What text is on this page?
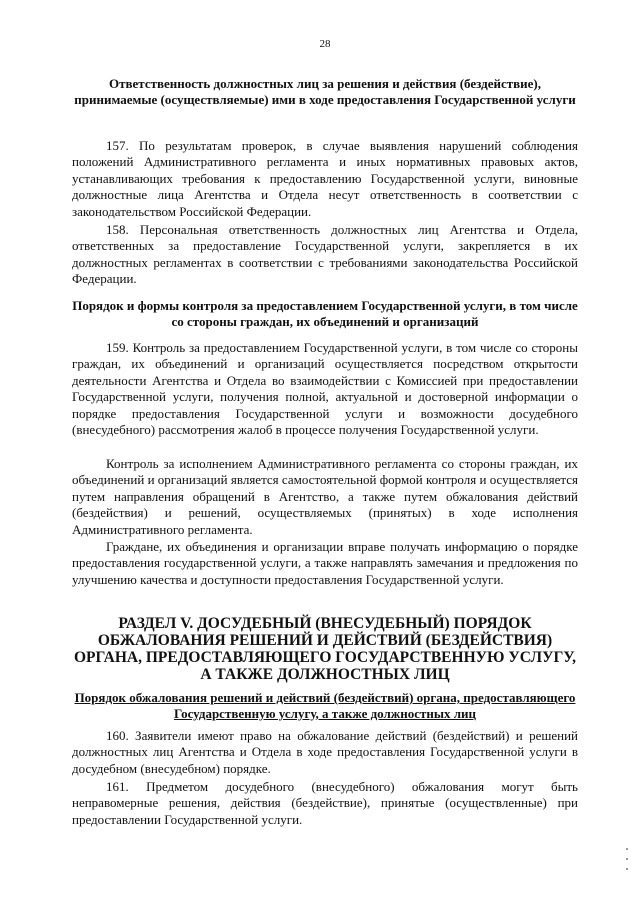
28
Ответственность должностных лиц за решения и действия (бездействие), принимаемые (осуществляемые) ими в ходе предоставления Государственной услуги

157. По результатам проверок, в случае выявления нарушений соблюдения положений Административного регламента и иных нормативных правовых актов, устанавливающих требования к предоставлению Государственной услуги, виновные должностные лица Агентства и Отдела несут ответственность в соответствии с законодательством Российской Федерации.

158. Персональная ответственность должностных лиц Агентства и Отдела, ответственных за предоставление Государственной услуги, закрепляется в их должностных регламентах в соответствии с требованиями законодательства Российской Федерации.

Порядок и формы контроля за предоставлением Государственной услуги, в том числе со стороны граждан, их объединений и организаций

159. Контроль за предоставлением Государственной услуги, в том числе со стороны граждан, их объединений и организаций осуществляется посредством открытости деятельности Агентства и Отдела во взаимодействии с Комиссией при предоставлении Государственной услуги, получения полной, актуальной и достоверной информации о порядке предоставления Государственной услуги и возможности досудебного (внесудебного) рассмотрения жалоб в процессе получения Государственной услуги.

Контроль за исполнением Административного регламента со стороны граждан, их объединений и организаций является самостоятельной формой контроля и осуществляется путем направления обращений в Агентство, а также путем обжалования действий (бездействия) и решений, осуществляемых (принятых) в ходе исполнения Административного регламента.

Граждане, их объединения и организации вправе получать информацию о порядке предоставления государственной услуги, а также направлять замечания и предложения по улучшению качества и доступности предоставления Государственной услуги.

РАЗДЕЛ V. ДОСУДЕБНЫЙ (ВНЕСУДЕБНЫЙ) ПОРЯДОК ОБЖАЛОВАНИЯ РЕШЕНИЙ И ДЕЙСТВИЙ (БЕЗДЕЙСТВИЯ) ОРГАНА, ПРЕДОСТАВЛЯЮЩЕГО ГОСУДАРСТВЕННУЮ УСЛУГУ, А ТАКЖЕ ДОЛЖНОСТНЫХ ЛИЦ
Порядок обжалования решений и действий (бездействий) органа, предоставляющего Государственную услугу, а также должностных лиц

160. Заявители имеют право на обжалование действий (бездействий) и решений должностных лиц Агентства и Отдела в ходе предоставления Государственной услуги в досудебном (внесудебном) порядке.

161. Предметом досудебного (внесудебного) обжалования могут быть неправомерные решения, действия (бездействие), принятые (осуществленные) при предоставлении Государственной услуги.
